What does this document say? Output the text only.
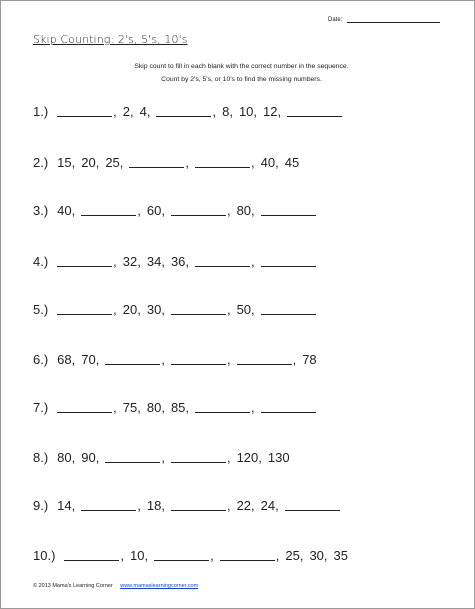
Date:
Skip Counting: 2's, 5's, 10's
Skip count to fill in each blank with the correct number in the sequence.
Count by 2's, 5's, or 10's to find the missing numbers.
1.)	, 2, 4,	, 8, 10, 12,
2.) 15, 20, 25,	,	, 40, 45
3.) 40,	, 60,	, 80,
4.)	, 32, 34, 36,	,
5.)	, 20, 30,	, 50,
6.) 68, 70,	,	,	, 78
7.)	, 75, 80, 85,	,
8.) 80, 90,	,	, 120, 130
9.) 14,	, 18,	, 22, 24,
10.)	, 10,	,	, 25, 30, 35
© 2013 Mama's Learning Corner www.mamaslearningcorner.com
